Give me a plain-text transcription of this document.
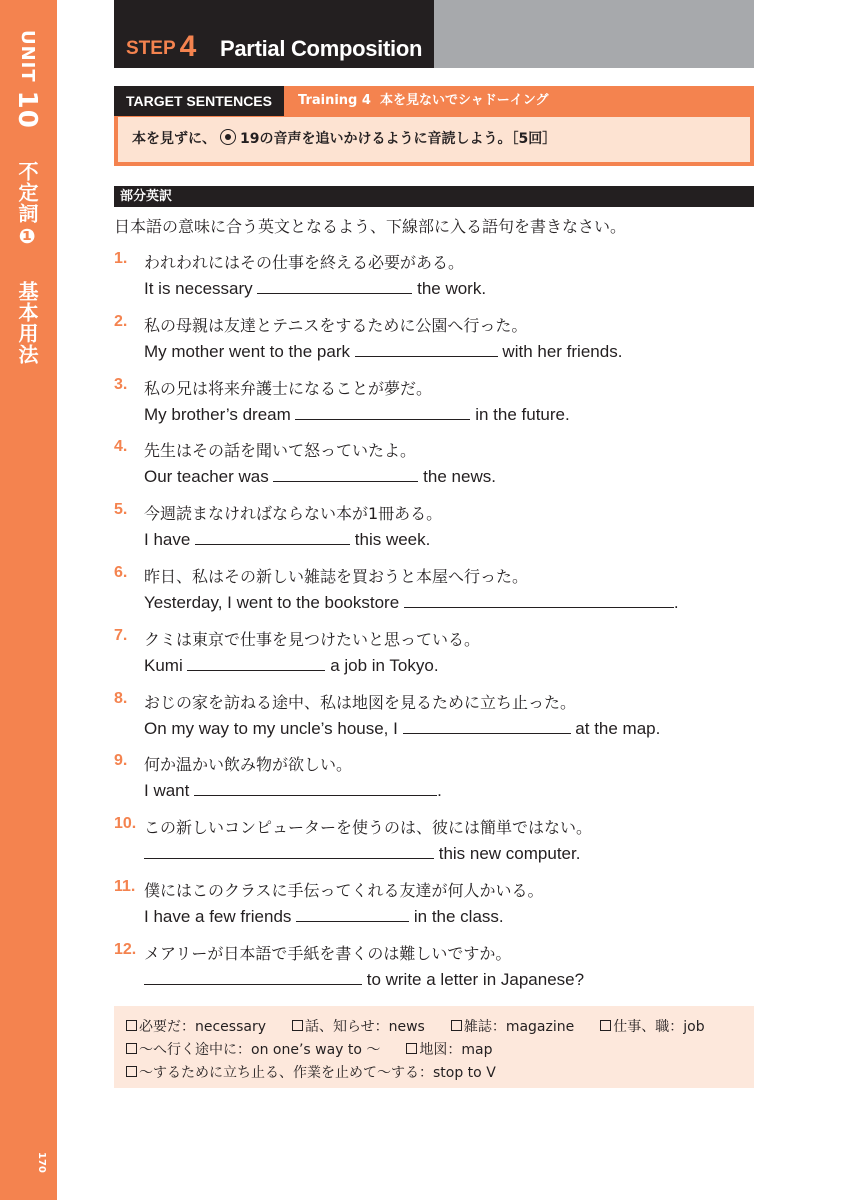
UNIT 10  不定詞❶  基本用法
170
STEP 4 Partial Composition
TARGET SENTENCES	Training 4 本を見ないでシャドーイング
本を見ずに、 19の音声を追いかけるように音読しよう。［5回］
部分英訳
日本語の意味に合う英文となるよう、下線部に入る語句を書きなさい。
1. われわれにはその仕事を終える必要がある。
It is necessary	the work.
2. 私の母親は友達とテニスをするために公園へ行った。
My mother went to the park	with her friends.
3. 私の兄は将来弁護士になることが夢だ。
My brother’s dream	in the future.
4. 先生はその話を聞いて怒っていたよ。
Our teacher was	the news.
5. 今週読まなければならない本が1冊ある。
I have	this week.
6. 昨日、私はその新しい雑誌を買おうと本屋へ行った。
Yesterday, I went to the bookstore	.
7. クミは東京で仕事を見つけたいと思っている。
Kumi	a job in Tokyo.
8. おじの家を訪ねる途中、私は地図を見るために立ち止った。
On my way to my uncle’s house, I	at the map.
9. 何か温かい飲み物が欲しい。
I want	.
10. この新しいコンピューターを使うのは、彼には簡単ではない。
this new computer.
11. 僕にはこのクラスに手伝ってくれる友達が何人かいる。
I have a few friends	in the class.
12. メアリーが日本語で手紙を書くのは難しいですか。
to write a letter in Japanese?
必要だ：necessary	話、知らせ：news	雑誌：magazine	仕事、職：job
〜へ行く途中に：on one’s way to 〜	地図：map
〜するために立ち止る、作業を止めて〜する：stop to V
